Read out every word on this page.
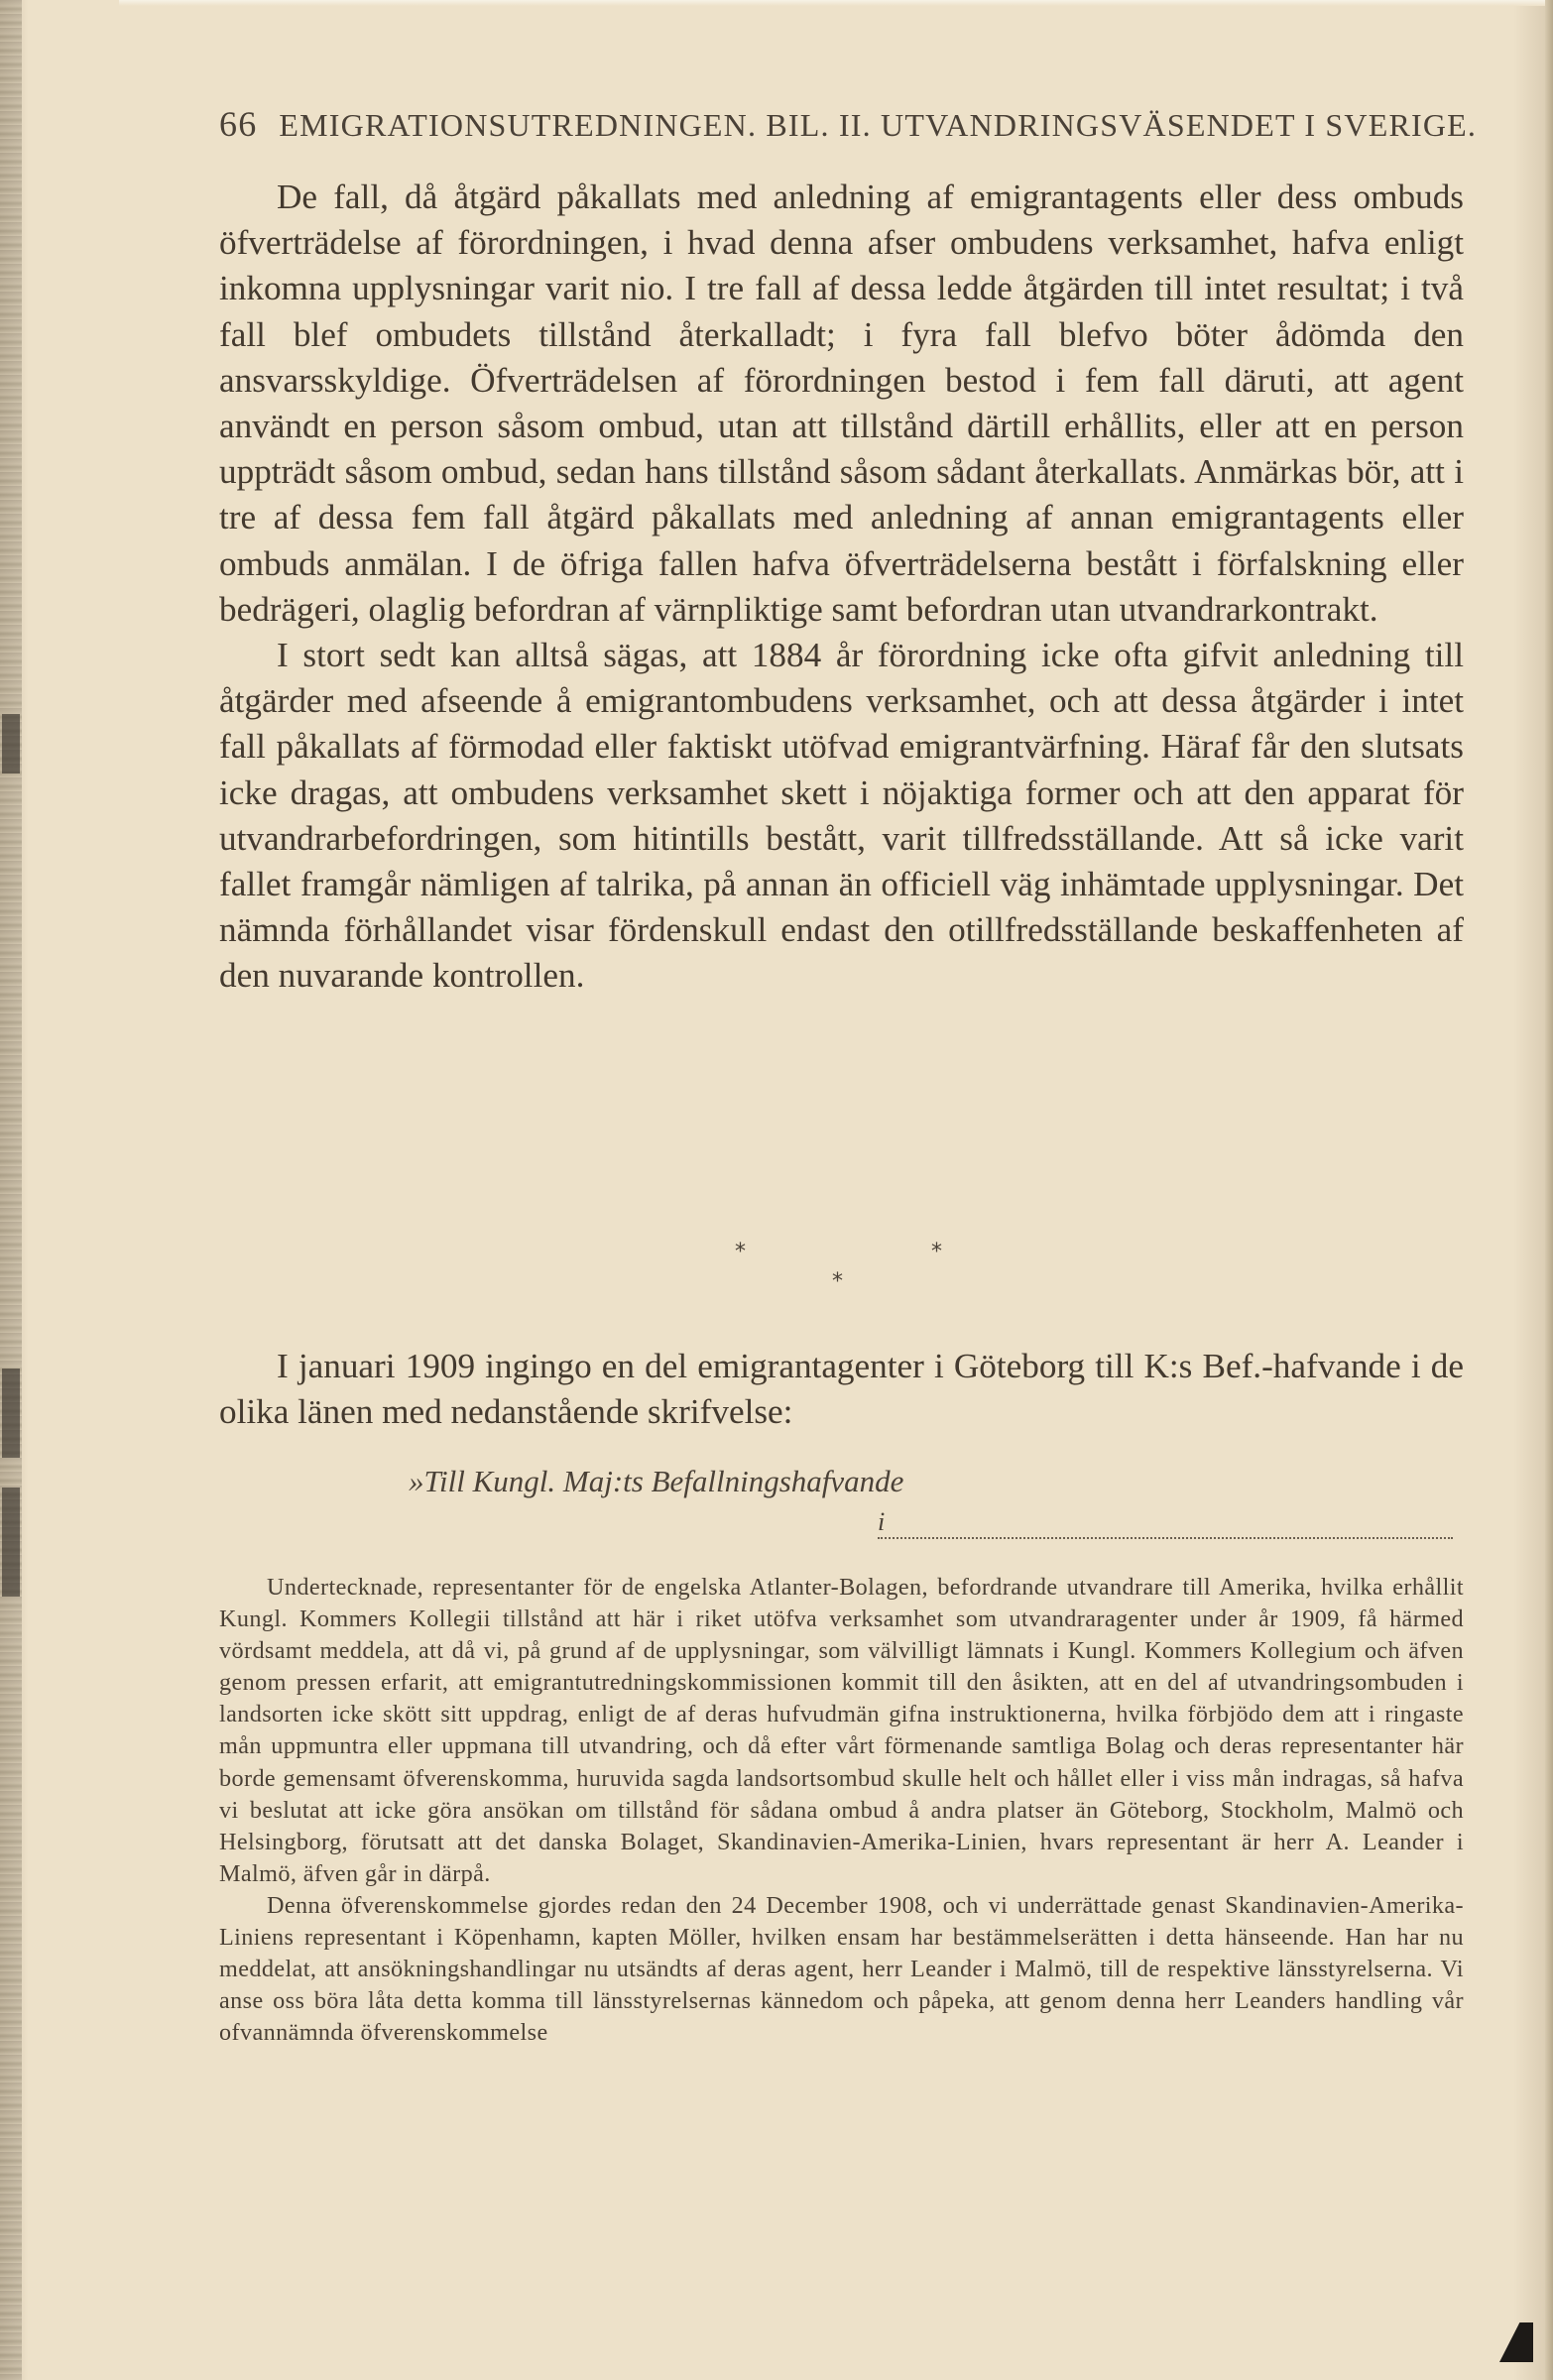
66 EMIGRATIONSUTREDNINGEN. BIL. II. UTVANDRINGSVÄSENDET I SVERIGE.

De fall, då åtgärd påkallats med anledning af emigrantagents eller dess ombuds öfverträdelse af förordningen, i hvad denna afser ombudens verksamhet, hafva enligt inkomna upplysningar varit nio. I tre fall af dessa ledde åtgärden till intet resultat; i två fall blef ombudets tillstånd återkalladt; i fyra fall blefvo böter ådömda den ansvarsskyldige. Öfverträdelsen af förordningen bestod i fem fall däruti, att agent användt en person såsom ombud, utan att tillstånd därtill erhållits, eller att en person uppträdt såsom ombud, sedan hans tillstånd såsom sådant återkallats. Anmärkas bör, att i tre af dessa fem fall åtgärd påkallats med anledning af annan emigrantagents eller ombuds anmälan. I de öfriga fallen hafva öfverträdelserna bestått i förfalskning eller bedrägeri, olaglig befordran af värnpliktige samt befordran utan utvandrarkontrakt.

I stort sedt kan alltså sägas, att 1884 år förordning icke ofta gifvit anledning till åtgärder med afseende å emigrantombudens verksamhet, och att dessa åtgärder i intet fall påkallats af förmodad eller faktiskt utöfvad emigrantvärfning. Häraf får den slutsats icke dragas, att ombudens verksamhet skett i nöjaktiga former och att den apparat för utvandrarbefordringen, som hitintills bestått, varit tillfredsställande. Att så icke varit fallet framgår nämligen af talrika, på annan än officiell väg inhämtade upplysningar. Det nämnda förhållandet visar fördenskull endast den otillfredsställande beskaffenheten af den nuvarande kontrollen.

*	*
*

I januari 1909 ingingo en del emigrantagenter i Göteborg till K:s Bef.-hafvande i de olika länen med nedanstående skrifvelse:

»Till Kungl. Maj:ts Befallningshafvande
i

Undertecknade, representanter för de engelska Atlanter-Bolagen, befordrande utvandrare till Amerika, hvilka erhållit Kungl. Kommers Kollegii tillstånd att här i riket utöfva verksamhet som utvandraragenter under år 1909, få härmed vördsamt meddela, att då vi, på grund af de upplysningar, som välvilligt lämnats i Kungl. Kommers Kollegium och äfven genom pressen erfarit, att emigrantutredningskommissionen kommit till den åsikten, att en del af utvandringsombuden i landsorten icke skött sitt uppdrag, enligt de af deras hufvudmän gifna instruktionerna, hvilka förbjödo dem att i ringaste mån uppmuntra eller uppmana till utvandring, och då efter vårt förmenande samtliga Bolag och deras representanter här borde gemensamt öfverenskomma, huruvida sagda landsortsombud skulle helt och hållet eller i viss mån indragas, så hafva vi beslutat att icke göra ansökan om tillstånd för sådana ombud å andra platser än Göteborg, Stockholm, Malmö och Helsingborg, förutsatt att det danska Bolaget, Skandinavien-Amerika-Linien, hvars representant är herr A. Leander i Malmö, äfven går in därpå.

Denna öfverenskommelse gjordes redan den 24 December 1908, och vi underrättade genast Skandinavien-Amerika-Liniens representant i Köpenhamn, kapten Möller, hvilken ensam har bestämmelserätten i detta hänseende. Han har nu meddelat, att ansökningshandlingar nu utsändts af deras agent, herr Leander i Malmö, till de respektive länsstyrelserna. Vi anse oss böra låta detta komma till länsstyrelsernas kännedom och påpeka, att genom denna herr Leanders handling vår ofvannämnda öfverenskommelse
